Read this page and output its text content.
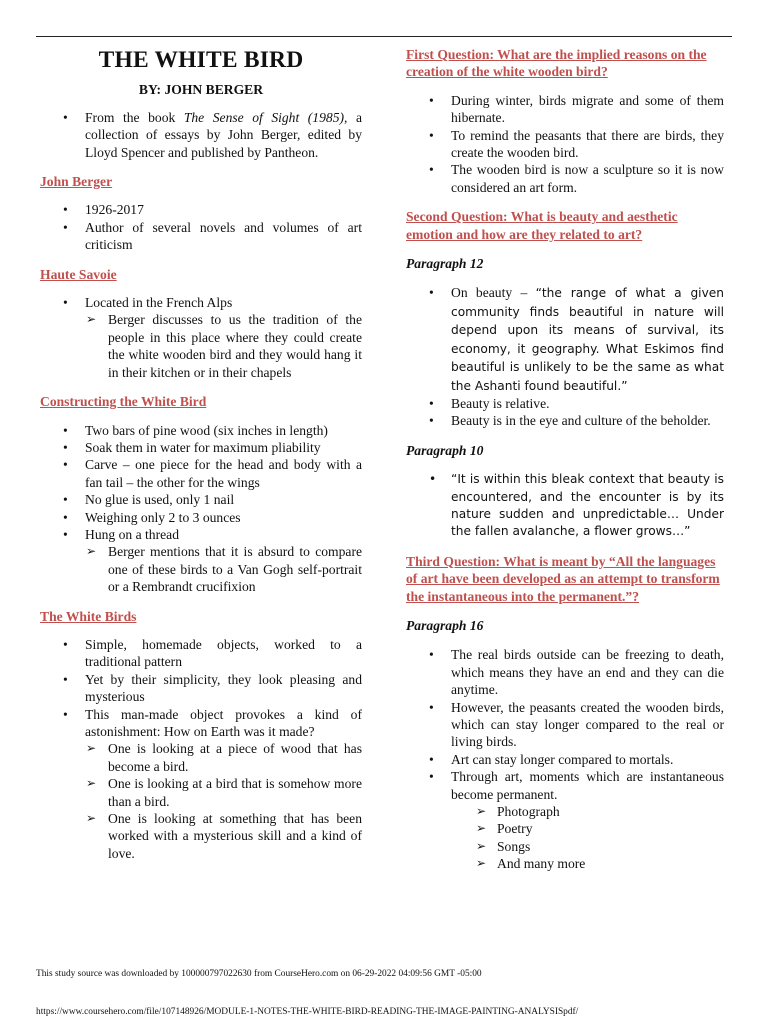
THE WHITE BIRD
BY: JOHN BERGER
• From the book The Sense of Sight (1985), a collection of essays by John Berger, edited by Lloyd Spencer and published by Pantheon.

John Berger

• 1926-2017
• Author of several novels and volumes of art criticism

Haute Savoie

• Located in the French Alps
➢ Berger discusses to us the tradition of the people in this place where they could create the white wooden bird and they would hang it in their kitchen or in their chapels

Constructing the White Bird

• Two bars of pine wood (six inches in length)
• Soak them in water for maximum pliability
• Carve – one piece for the head and body with a fan tail – the other for the wings
• No glue is used, only 1 nail
• Weighing only 2 to 3 ounces
• Hung on a thread
➢ Berger mentions that it is absurd to compare one of these birds to a Van Gogh self-portrait or a Rembrandt crucifixion

The White Birds

• Simple, homemade objects, worked to a traditional pattern
• Yet by their simplicity, they look pleasing and mysterious
• This man-made object provokes a kind of astonishment: How on Earth was it made?
➢ One is looking at a piece of wood that has become a bird.
➢ One is looking at a bird that is somehow more than a bird.
➢ One is looking at something that has been worked with a mysterious skill and a kind of love.

First Question: What are the implied reasons on the creation of the white wooden bird?

• During winter, birds migrate and some of them hibernate.
• To remind the peasants that there are birds, they create the wooden bird.
• The wooden bird is now a sculpture so it is now considered an art form.

Second Question: What is beauty and aesthetic emotion and how are they related to art?

Paragraph 12

• On beauty – “the range of what a given community finds beautiful in nature will depend upon its means of survival, its economy, it geography. What Eskimos find beautiful is unlikely to be the same as what the Ashanti found beautiful.”
• Beauty is relative.
• Beauty is in the eye and culture of the beholder.

Paragraph 10

• “It is within this bleak context that beauty is encountered, and the encounter is by its nature sudden and unpredictable… Under the fallen avalanche, a flower grows…”

Third Question: What is meant by “All the languages of art have been developed as an attempt to transform the instantaneous into the permanent.”?

Paragraph 16

• The real birds outside can be freezing to death, which means they have an end and they can die anytime.
• However, the peasants created the wooden birds, which can stay longer compared to the real or living birds.
• Art can stay longer compared to mortals.
• Through art, moments which are instantaneous become permanent.
➢ Photograph
➢ Poetry
➢ Songs
➢ And many more
This study source was downloaded by 100000797022630 from CourseHero.com on 06-29-2022 04:09:56 GMT -05:00
https://www.coursehero.com/file/107148926/MODULE-1-NOTES-THE-WHITE-BIRD-READING-THE-IMAGE-PAINTING-ANALYSISpdf/
